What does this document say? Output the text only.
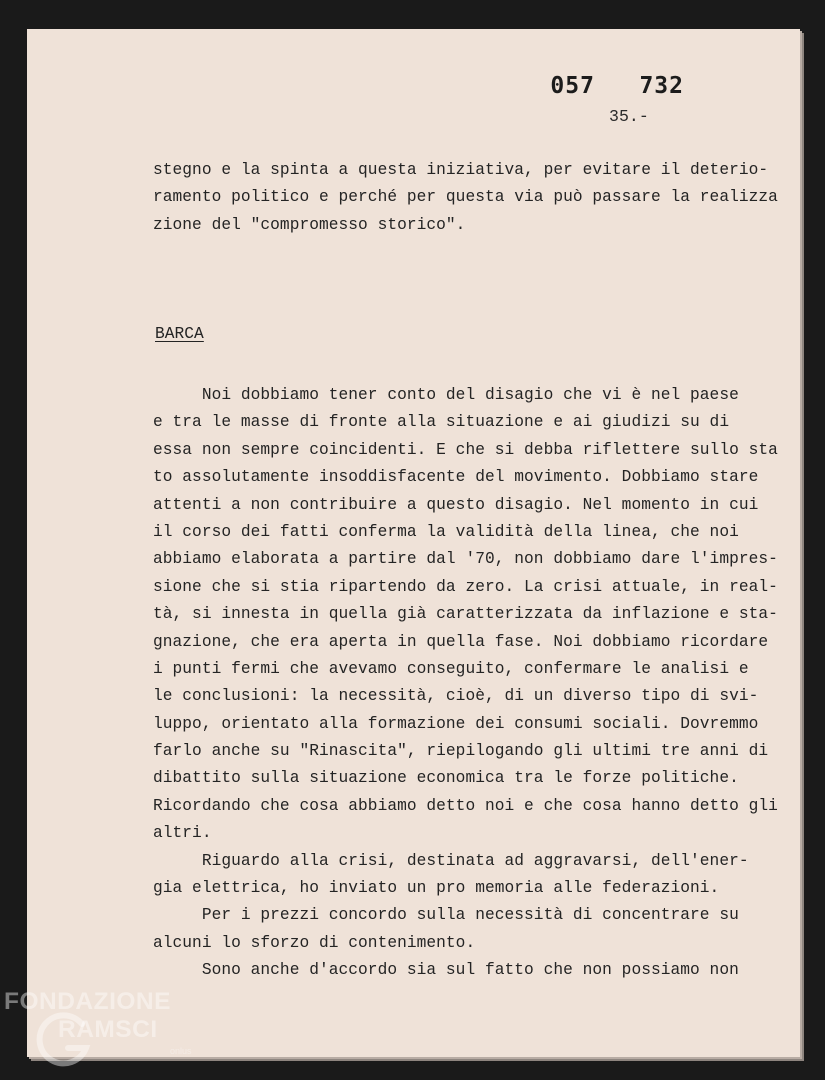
057   732
35.-
stegno e la spinta a questa iniziativa, per evitare il deterio-
ramento politico e perché per questa via può passare la realizza
zione del "compromesso storico".
BARCA
Noi dobbiamo tener conto del disagio che vi è nel paese
e tra le masse di fronte alla situazione e ai giudizi su di
essa non sempre coincidenti. E che si debba riflettere sullo sta
to assolutamente insoddisfacente del movimento. Dobbiamo stare
attenti a non contribuire a questo disagio. Nel momento in cui
il corso dei fatti conferma la validità della linea, che noi
abbiamo elaborata a partire dal '70, non dobbiamo dare l'impres-
sione che si stia ripartendo da zero. La crisi attuale, in real-
tà, si innesta in quella già caratterizzata da inflazione e sta-
gnazione, che era aperta in quella fase. Noi dobbiamo ricordare
i punti fermi che avevamo conseguito, confermare le analisi e
le conclusioni: la necessità, cioè, di un diverso tipo di svi-
luppo, orientato alla formazione dei consumi sociali. Dovremmo
farlo anche su "Rinascita", riepilogando gli ultimi tre anni di
dibattito sulla situazione economica tra le forze politiche.
Ricordando che cosa abbiamo detto noi e che cosa hanno detto gli
altri.
Riguardo alla crisi, destinata ad aggravarsi, dell'ener-
gia elettrica, ho inviato un pro memoria alle federazioni.
Per i prezzi concordo sulla necessità di concentrare su
alcuni lo sforzo di contenimento.
Sono anche d'accordo sia sul fatto che non possiamo non
FONDAZIONE
RAMSCI
onlus
